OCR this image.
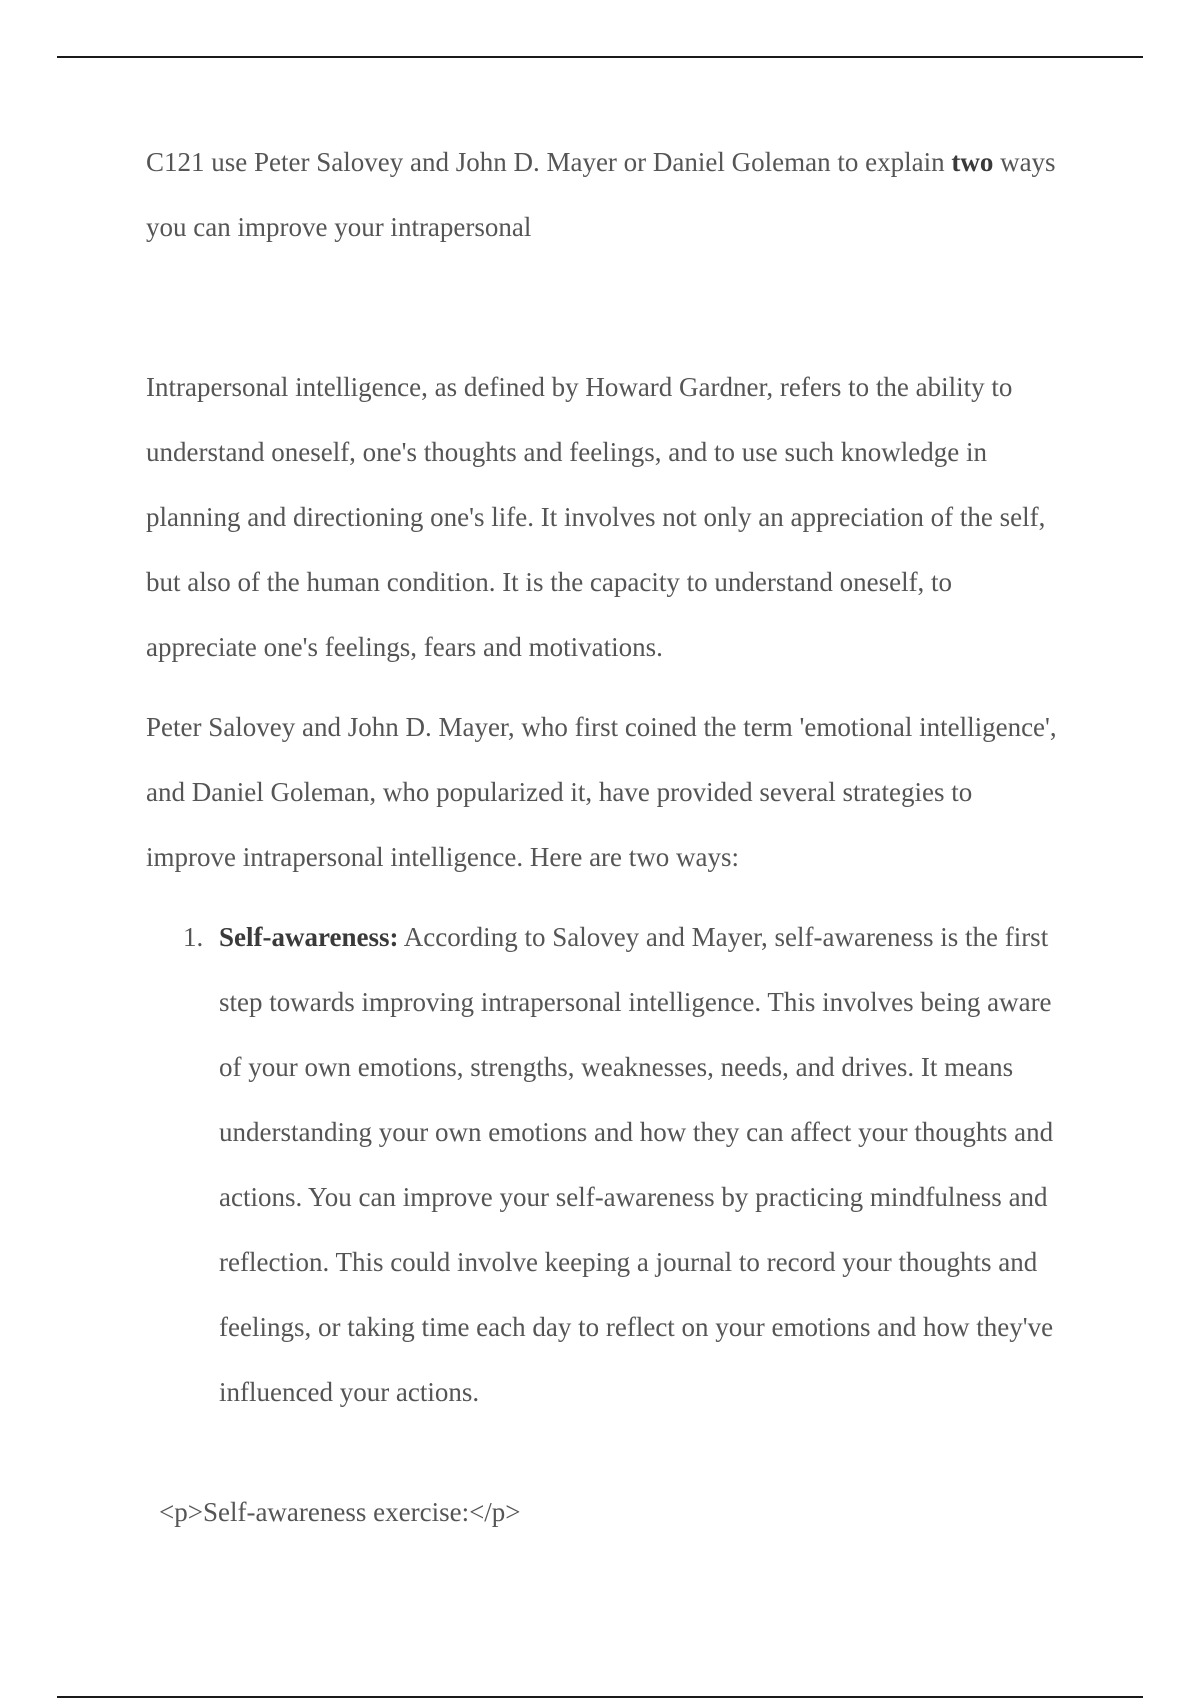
C121 use Peter Salovey and John D. Mayer or Daniel Goleman to explain two ways you can improve your intrapersonal

Intrapersonal intelligence, as defined by Howard Gardner, refers to the ability to understand oneself, one's thoughts and feelings, and to use such knowledge in planning and directioning one's life. It involves not only an appreciation of the self, but also of the human condition. It is the capacity to understand oneself, to appreciate one's feelings, fears and motivations.

Peter Salovey and John D. Mayer, who first coined the term 'emotional intelligence', and Daniel Goleman, who popularized it, have provided several strategies to improve intrapersonal intelligence. Here are two ways:

1. Self-awareness: According to Salovey and Mayer, self-awareness is the first step towards improving intrapersonal intelligence. This involves being aware of your own emotions, strengths, weaknesses, needs, and drives. It means understanding your own emotions and how they can affect your thoughts and actions. You can improve your self-awareness by practicing mindfulness and reflection. This could involve keeping a journal to record your thoughts and feelings, or taking time each day to reflect on your emotions and how they've influenced your actions.

<p>Self-awareness exercise:</p>
